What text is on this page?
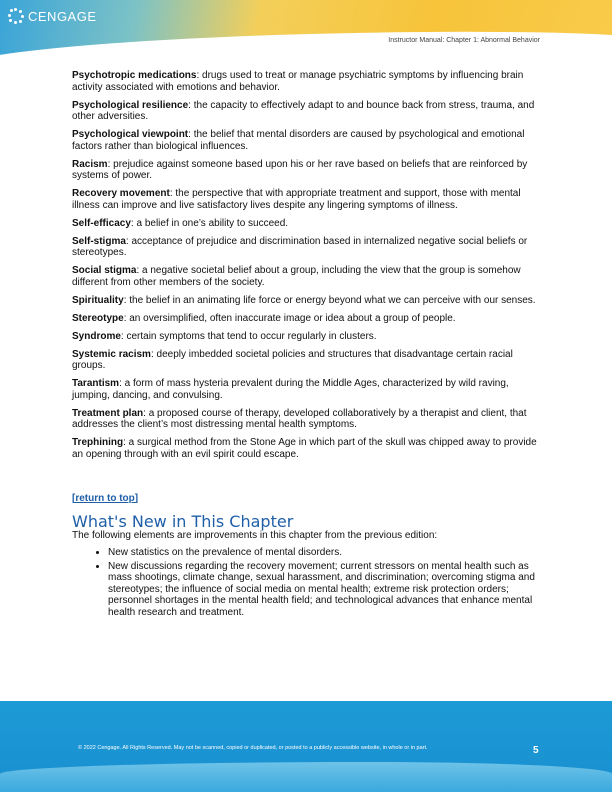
CENGAGE
Instructor Manual: Chapter 1: Abnormal Behavior

Psychotropic medications: drugs used to treat or manage psychiatric symptoms by influencing brain activity associated with emotions and behavior.

Psychological resilience: the capacity to effectively adapt to and bounce back from stress, trauma, and other adversities.

Psychological viewpoint: the belief that mental disorders are caused by psychological and emotional factors rather than biological influences.

Racism: prejudice against someone based upon his or her rave based on beliefs that are reinforced by systems of power.

Recovery movement: the perspective that with appropriate treatment and support, those with mental illness can improve and live satisfactory lives despite any lingering symptoms of illness.

Self-efficacy: a belief in one’s ability to succeed.

Self-stigma: acceptance of prejudice and discrimination based in internalized negative social beliefs or stereotypes.

Social stigma: a negative societal belief about a group, including the view that the group is somehow different from other members of the society.

Spirituality: the belief in an animating life force or energy beyond what we can perceive with our senses.

Stereotype: an oversimplified, often inaccurate image or idea about a group of people.

Syndrome: certain symptoms that tend to occur regularly in clusters.

Systemic racism: deeply imbedded societal policies and structures that disadvantage certain racial groups.

Tarantism: a form of mass hysteria prevalent during the Middle Ages, characterized by wild raving, jumping, dancing, and convulsing.

Treatment plan: a proposed course of therapy, developed collaboratively by a therapist and client, that addresses the client’s most distressing mental health symptoms.

Trephining: a surgical method from the Stone Age in which part of the skull was chipped away to provide an opening through with an evil spirit could escape.

[return to top]
What's New in This Chapter

The following elements are improvements in this chapter from the previous edition:

• New statistics on the prevalence of mental disorders.
• New discussions regarding the recovery movement; current stressors on mental health such as mass shootings, climate change, sexual harassment, and discrimination; overcoming stigma and stereotypes; the influence of social media on mental health; extreme risk protection orders; personnel shortages in the mental health field; and technological advances that enhance mental health research and treatment.
© 2022 Cengage. All Rights Reserved. May not be scanned, copied or duplicated, or posted to a publicly accessible website, in whole or in part.	5
